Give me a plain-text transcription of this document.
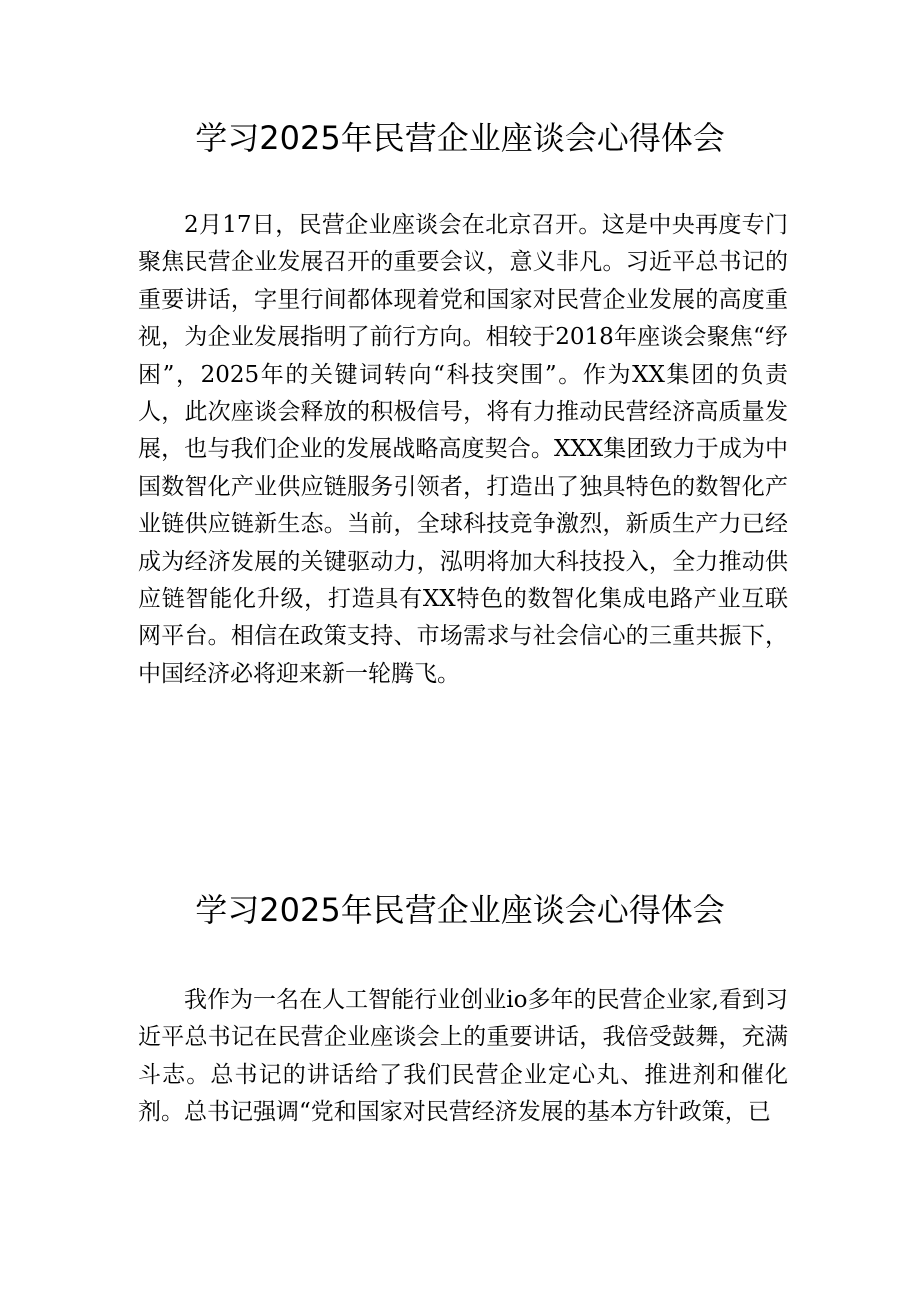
学习2025年民营企业座谈会心得体会

2月17日，民营企业座谈会在北京召开。这是中央再度专门聚焦民营企业发展召开的重要会议，意义非凡。习近平总书记的重要讲话，字里行间都体现着党和国家对民营企业发展的高度重视，为企业发展指明了前行方向。相较于2018年座谈会聚焦“纾困”，2025年的关键词转向“科技突围”。作为XX集团的负责人，此次座谈会释放的积极信号，将有力推动民营经济高质量发展，也与我们企业的发展战略高度契合。XXX集团致力于成为中国数智化产业供应链服务引领者，打造出了独具特色的数智化产业链供应链新生态。当前，全球科技竞争激烈，新质生产力已经成为经济发展的关键驱动力，泓明将加大科技投入，全力推动供应链智能化升级，打造具有XX特色的数智化集成电路产业互联网平台。相信在政策支持、市场需求与社会信心的三重共振下，中国经济必将迎来新一轮腾飞。

学习2025年民营企业座谈会心得体会

我作为一名在人工智能行业创业io多年的民营企业家,看到习近平总书记在民营企业座谈会上的重要讲话，我倍受鼓舞，充满斗志。总书记的讲话给了我们民营企业定心丸、推进剂和催化剂。总书记强调“党和国家对民营经济发展的基本方针政策，已
